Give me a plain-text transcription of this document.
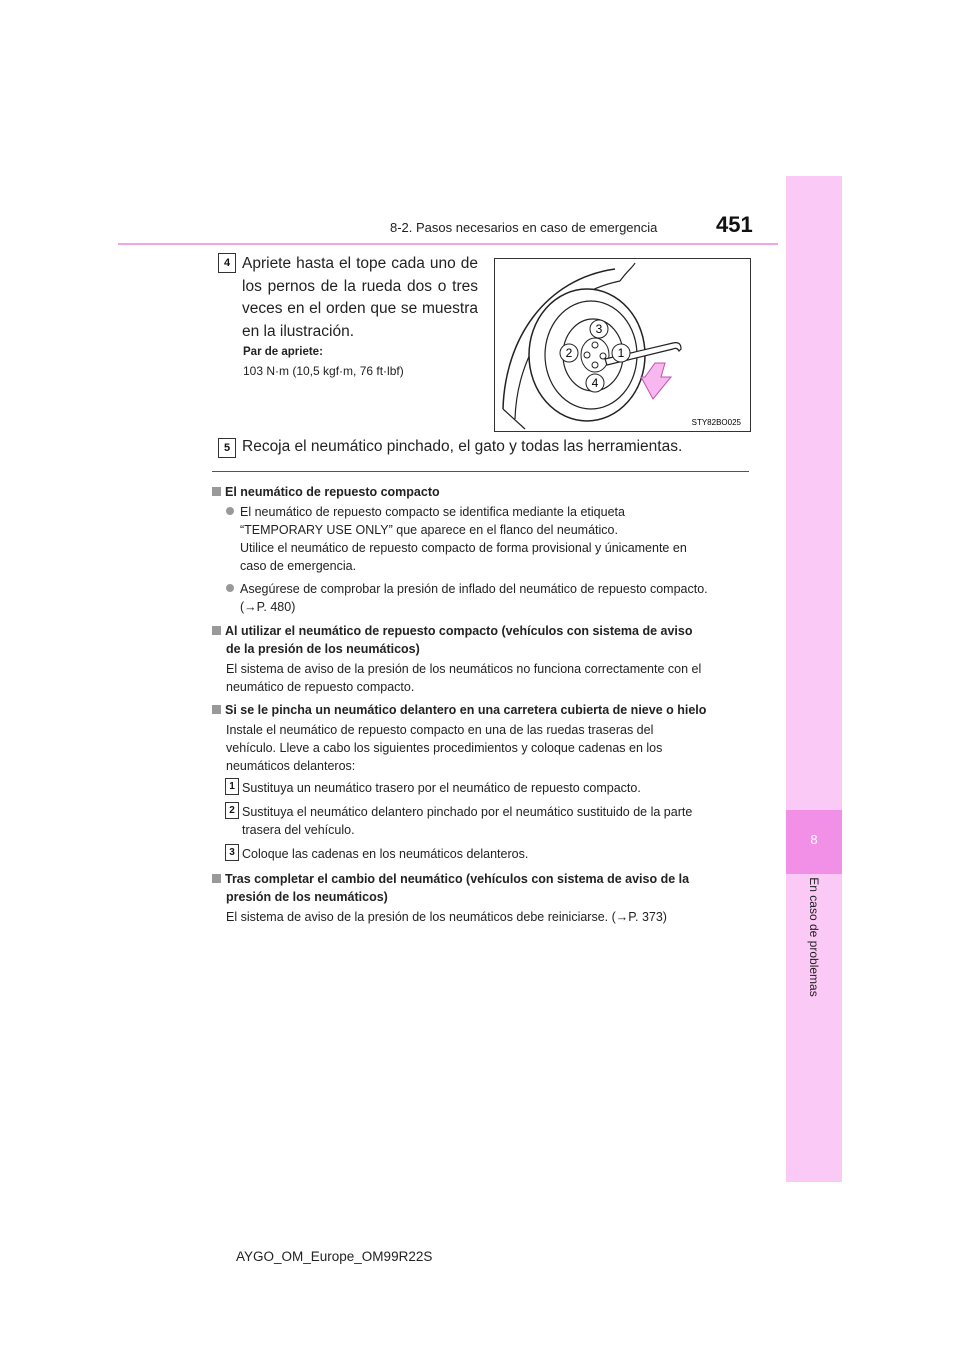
8-2. Pasos necesarios en caso de emergencia	451
8
En caso de problemas
4 Apriete hasta el tope cada uno de los pernos de la rueda dos o tres veces en el orden que se muestra en la ilustración.
Par de apriete:
103 N·m (10,5 kgf·m, 76 ft·lbf)
3
2	1
4
STY82BO025
5 Recoja el neumático pinchado, el gato y todas las herramientas.
El neumático de repuesto compacto
El neumático de repuesto compacto se identifica mediante la etiqueta
“TEMPORARY USE ONLY” que aparece en el flanco del neumático.
Utilice el neumático de repuesto compacto de forma provisional y únicamente en
caso de emergencia.
Asegúrese de comprobar la presión de inflado del neumático de repuesto compacto.
(→P. 480)
Al utilizar el neumático de repuesto compacto (vehículos con sistema de aviso
de la presión de los neumáticos)
El sistema de aviso de la presión de los neumáticos no funciona correctamente con el
neumático de repuesto compacto.
Si se le pincha un neumático delantero en una carretera cubierta de nieve o hielo
Instale el neumático de repuesto compacto en una de las ruedas traseras del
vehículo. Lleve a cabo los siguientes procedimientos y coloque cadenas en los
neumáticos delanteros:
1 Sustituya un neumático trasero por el neumático de repuesto compacto.
2 Sustituya el neumático delantero pinchado por el neumático sustituido de la parte
trasera del vehículo.
3 Coloque las cadenas en los neumáticos delanteros.
Tras completar el cambio del neumático (vehículos con sistema de aviso de la
presión de los neumáticos)
El sistema de aviso de la presión de los neumáticos debe reiniciarse. (→P. 373)
AYGO_OM_Europe_OM99R22S
